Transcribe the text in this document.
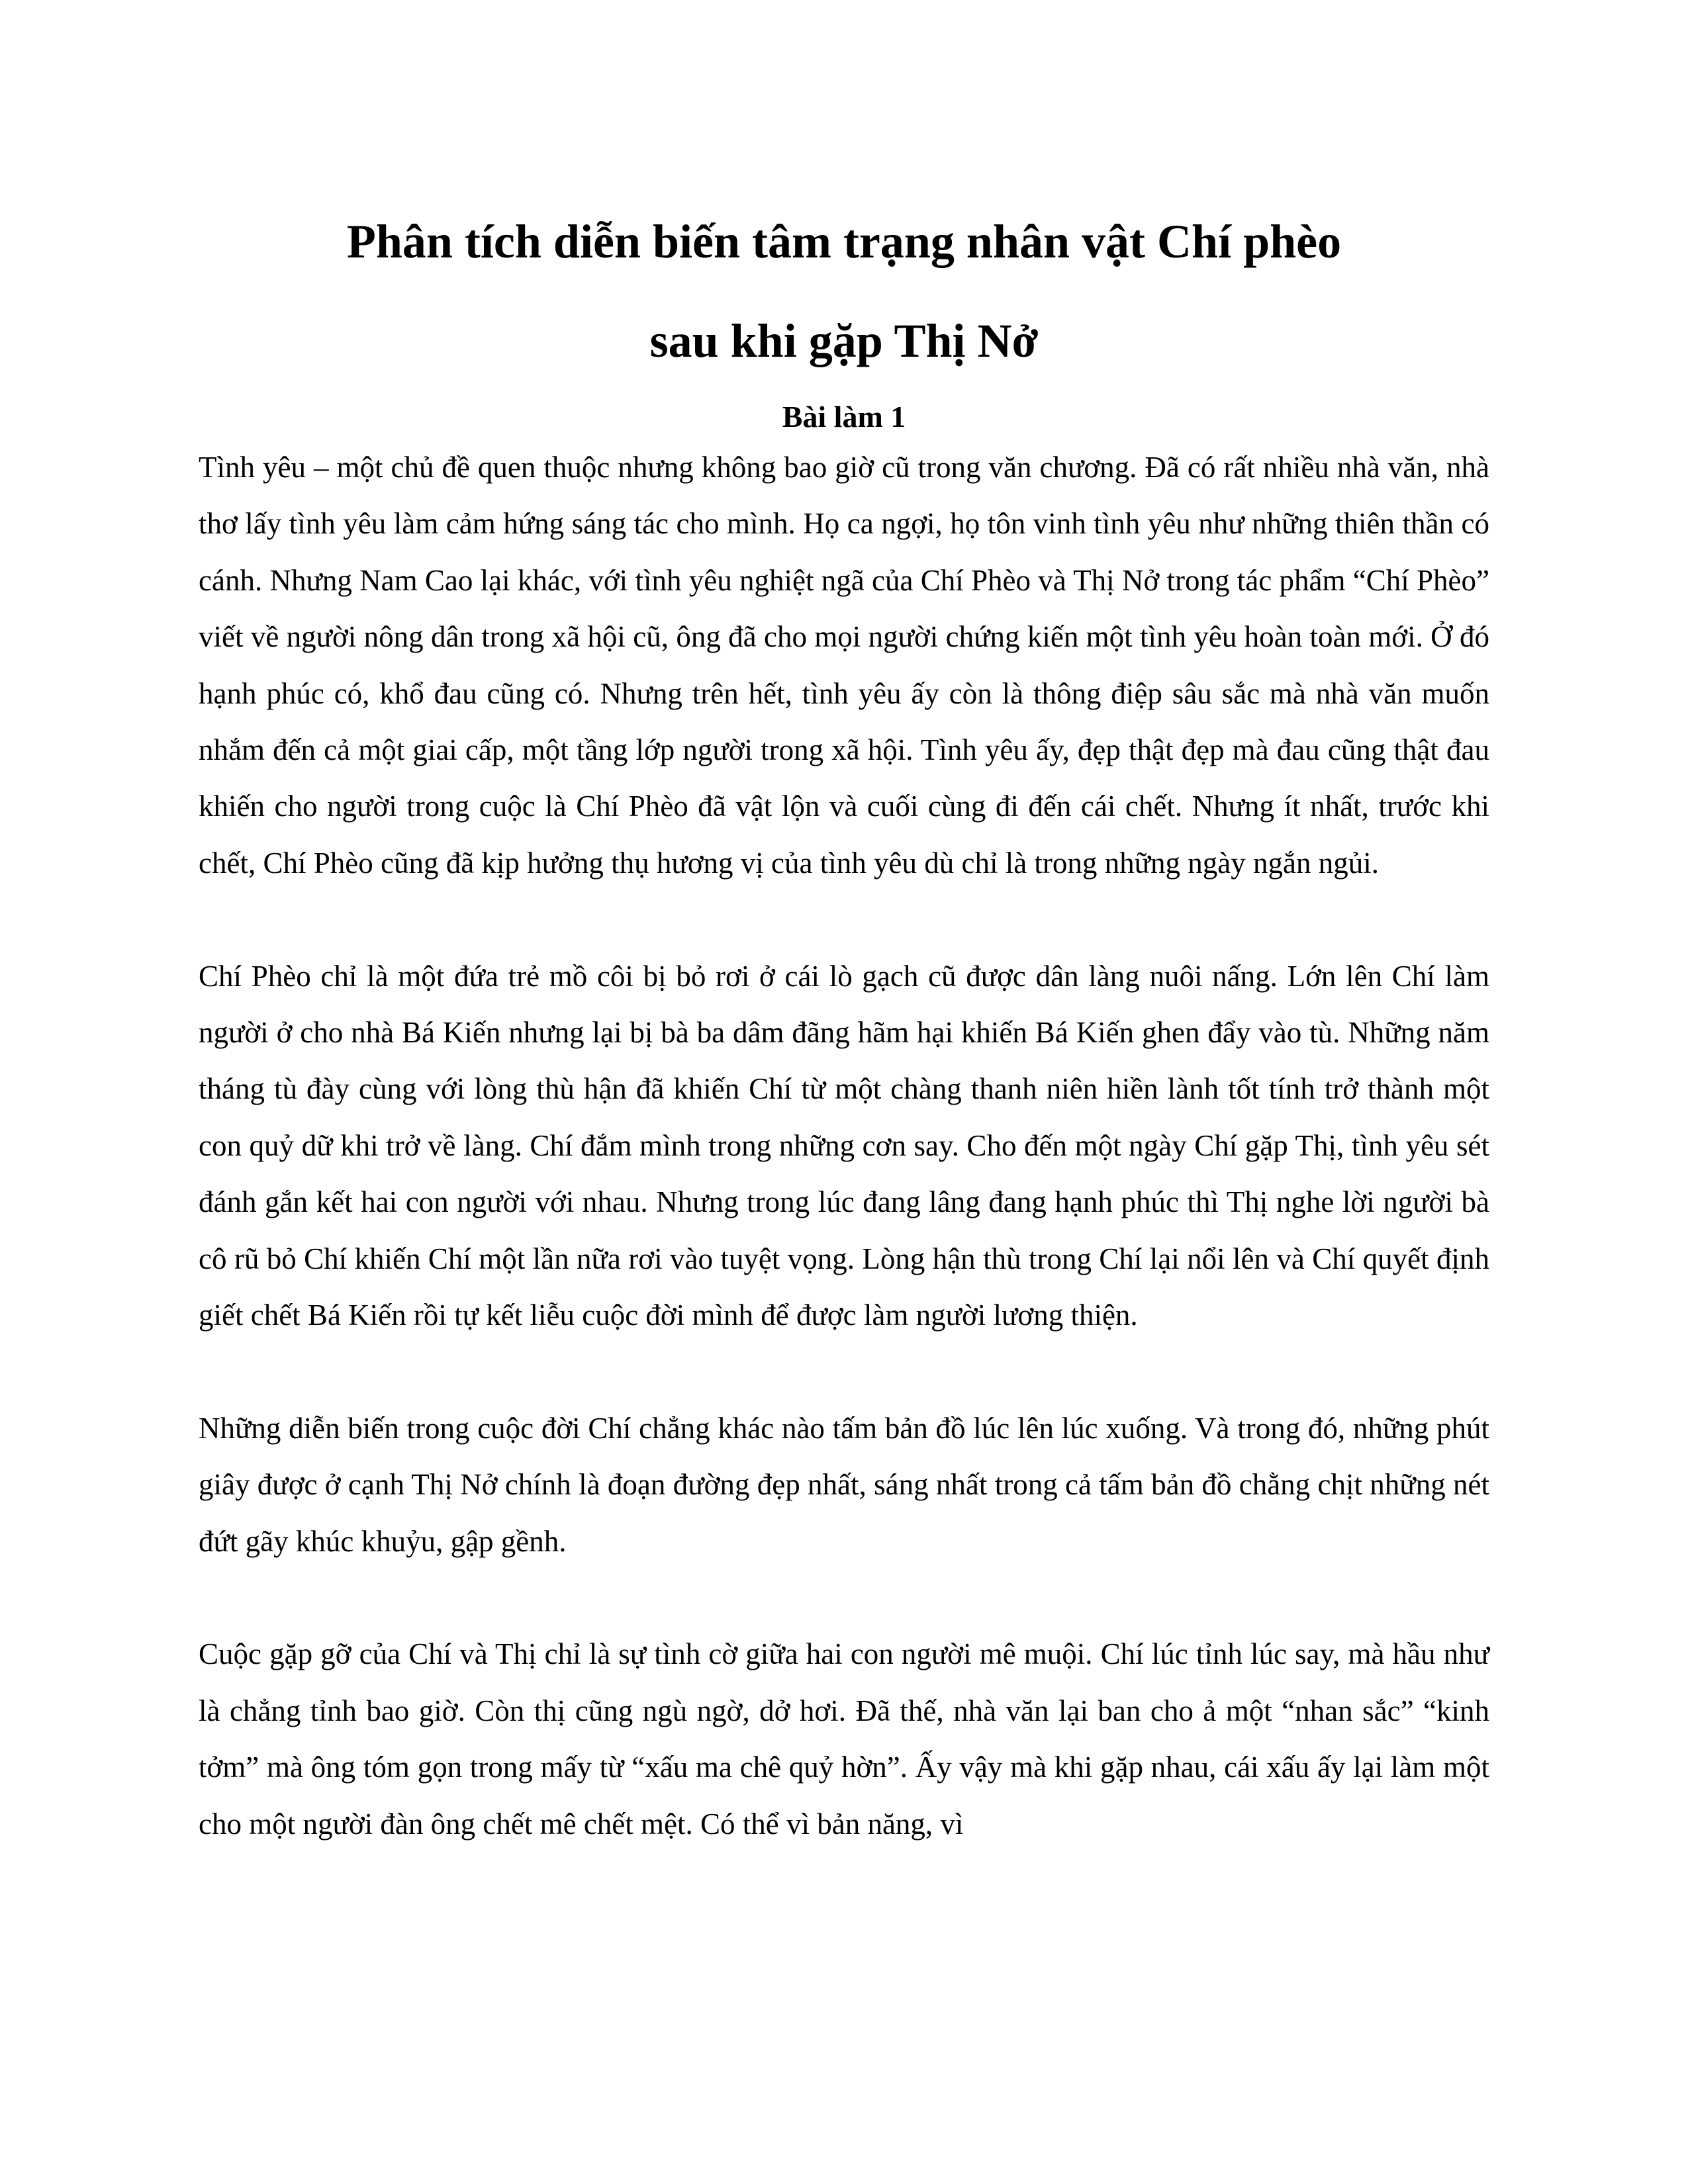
Phân tích diễn biến tâm trạng nhân vật Chí phèo
sau khi gặp Thị Nở
Bài làm 1

Tình yêu – một chủ đề quen thuộc nhưng không bao giờ cũ trong văn chương. Đã có rất nhiều nhà văn, nhà thơ lấy tình yêu làm cảm hứng sáng tác cho mình. Họ ca ngợi, họ tôn vinh tình yêu như những thiên thần có cánh. Nhưng Nam Cao lại khác, với tình yêu nghiệt ngã của Chí Phèo và Thị Nở trong tác phẩm “Chí Phèo” viết về người nông dân trong xã hội cũ, ông đã cho mọi người chứng kiến một tình yêu hoàn toàn mới. Ở đó hạnh phúc có, khổ đau cũng có. Nhưng trên hết, tình yêu ấy còn là thông điệp sâu sắc mà nhà văn muốn nhắm đến cả một giai cấp, một tầng lớp người trong xã hội. Tình yêu ấy, đẹp thật đẹp mà đau cũng thật đau khiến cho người trong cuộc là Chí Phèo đã vật lộn và cuối cùng đi đến cái chết. Nhưng ít nhất, trước khi chết, Chí Phèo cũng đã kịp hưởng thụ hương vị của tình yêu dù chỉ là trong những ngày ngắn ngủi.

Chí Phèo chỉ là một đứa trẻ mồ côi bị bỏ rơi ở cái lò gạch cũ được dân làng nuôi nấng. Lớn lên Chí làm người ở cho nhà Bá Kiến nhưng lại bị bà ba dâm đãng hãm hại khiến Bá Kiến ghen đẩy vào tù. Những năm tháng tù đày cùng với lòng thù hận đã khiến Chí từ một chàng thanh niên hiền lành tốt tính trở thành một con quỷ dữ khi trở về làng. Chí đắm mình trong những cơn say. Cho đến một ngày Chí gặp Thị, tình yêu sét đánh gắn kết hai con người với nhau. Nhưng trong lúc đang lâng đang hạnh phúc thì Thị nghe lời người bà cô rũ bỏ Chí khiến Chí một lần nữa rơi vào tuyệt vọng. Lòng hận thù trong Chí lại nổi lên và Chí quyết định giết chết Bá Kiến rồi tự kết liễu cuộc đời mình để được làm người lương thiện.

Những diễn biến trong cuộc đời Chí chẳng khác nào tấm bản đồ lúc lên lúc xuống. Và trong đó, những phút giây được ở cạnh Thị Nở chính là đoạn đường đẹp nhất, sáng nhất trong cả tấm bản đồ chằng chịt những nét đứt gãy khúc khuỷu, gập gềnh.

Cuộc gặp gỡ của Chí và Thị chỉ là sự tình cờ giữa hai con người mê muội. Chí lúc tỉnh lúc say, mà hầu như là chẳng tỉnh bao giờ. Còn thị cũng ngù ngờ, dở hơi. Đã thế, nhà văn lại ban cho ả một “nhan sắc” “kinh tởm” mà ông tóm gọn trong mấy từ “xấu ma chê quỷ hờn”. Ấy vậy mà khi gặp nhau, cái xấu ấy lại làm một cho một người đàn ông chết mê chết mệt. Có thể vì bản năng, vì
